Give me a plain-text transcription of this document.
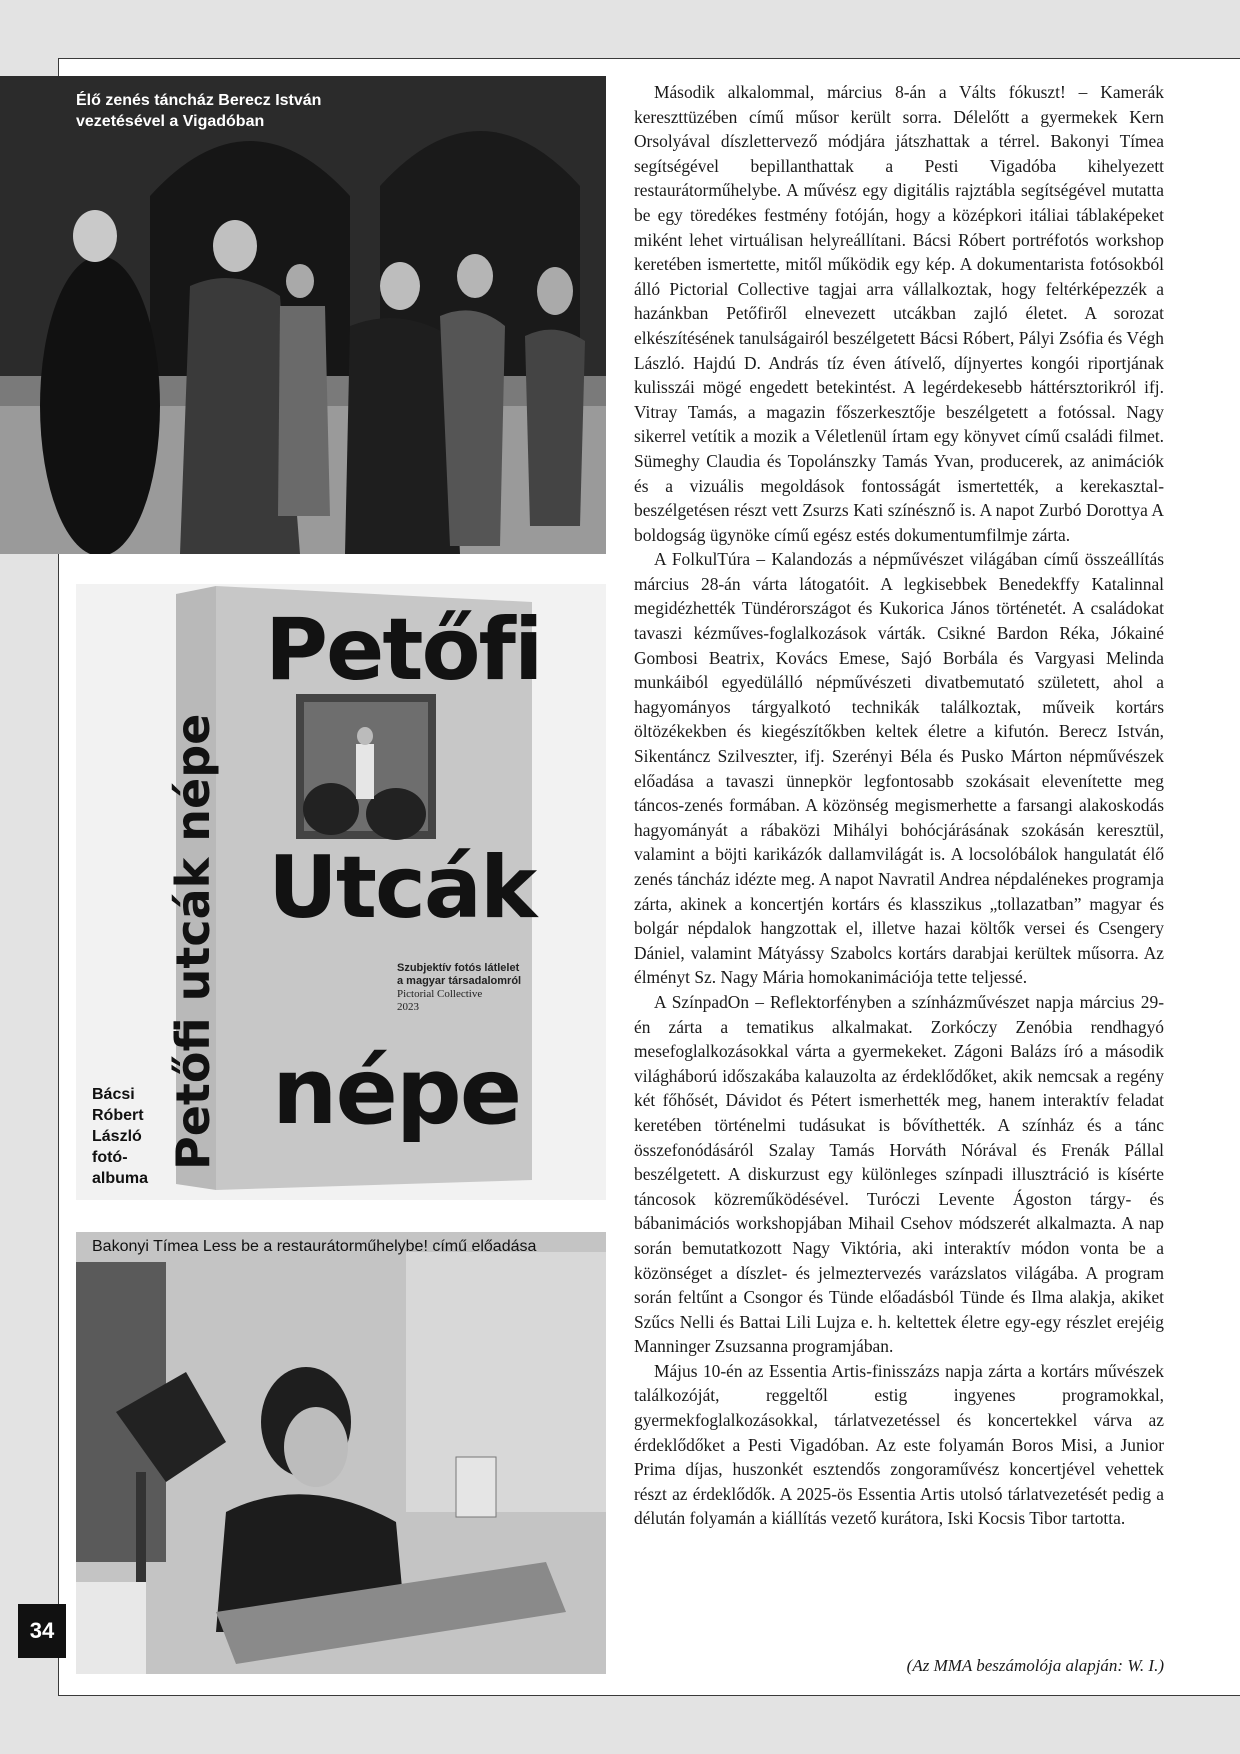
Élő zenés táncház Berecz István vezetésével a Vigadóban
Petőfi
Utcák
népe
Petőfi utcák népe	Szubjektív fotós látlelet
a magyar társadalomról
Pictorial Collective
2023
Bácsi Róbert László fotó-albuma
Bakonyi Tímea Less be a restaurátorműhelybe! című előadása
34

Második alkalommal, március 8-án a Válts fókuszt! – Kamerák kereszttüzében című műsor került sorra. Délelőtt a gyermekek Kern Orsolyával díszlettervező módjára játszhattak a térrel. Bakonyi Tímea segítségével bepillanthattak a Pesti Vigadóba kihelyezett restaurátorműhelybe. A művész egy digitális rajztábla segítségével mutatta be egy töredékes festmény fotóján, hogy a középkori itáliai táblaképeket miként lehet virtuálisan helyreállítani. Bácsi Róbert portréfotós workshop keretében ismertette, mitől működik egy kép. A dokumentarista fotósokból álló Pictorial Collective tagjai arra vállalkoztak, hogy feltérképezzék a hazánkban Petőfiről elnevezett utcákban zajló életet. A sorozat elkészítésének tanulságairól beszélgetett Bácsi Róbert, Pályi Zsófia és Végh László. Hajdú D. András tíz éven átívelő, díjnyertes kongói riportjának kulisszái mögé engedett betekintést. A legérdekesebb háttérsztorikról ifj. Vitray Tamás, a magazin főszerkesztője beszélgetett a fotóssal. Nagy sikerrel vetítik a mozik a Véletlenül írtam egy könyvet című családi filmet. Sümeghy Claudia és Topolánszky Tamás Yvan, producerek, az animációk és a vizuális megoldások fontosságát ismertették, a kerekasztal-beszélgetésen részt vett Zsurzs Kati színésznő is. A napot Zurbó Dorottya A boldogság ügynöke című egész estés dokumentumfilmje zárta.

A FolkulTúra – Kalandozás a népművészet világában című összeállítás március 28-án várta látogatóit. A legkisebbek Benedekffy Katalinnal megidézhették Tündérországot és Kukorica János történetét. A családokat tavaszi kézműves-foglalkozások várták. Csikné Bardon Réka, Jókainé Gombosi Beatrix, Kovács Emese, Sajó Borbála és Vargyasi Melinda munkáiból egyedülálló népművészeti divatbemutató született, ahol a hagyományos tárgyalkotó technikák találkoztak, műveik kortárs öltözékekben és kiegészítőkben keltek életre a kifutón. Berecz István, Sikentáncz Szilveszter, ifj. Szerényi Béla és Pusko Márton népművészek előadása a tavaszi ünnepkör legfontosabb szokásait elevenítette meg táncos-zenés formában. A közönség megismerhette a farsangi alakoskodás hagyományát a rábaközi Mihályi bohócjárásának szokásán keresztül, valamint a böjti karikázók dallamvilágát is. A locsolóbálok hangulatát élő zenés táncház idézte meg. A napot Navratil Andrea népdalénekes programja zárta, akinek a koncertjén kortárs és klasszikus „tollazatban” magyar és bolgár népdalok hangzottak el, illetve hazai költők versei és Csengery Dániel, valamint Mátyássy Szabolcs kortárs darabjai kerültek műsorra. Az élményt Sz. Nagy Mária homokanimációja tette teljessé.

A SzínpadOn – Reflektorfényben a színházművészet napja március 29-én zárta a tematikus alkalmakat. Zorkóczy Zenóbia rendhagyó mesefoglalkozásokkal várta a gyermekeket. Zágoni Balázs író a második világháború időszakába kalauzolta az érdeklődőket, akik nemcsak a regény két főhősét, Dávidot és Pétert ismerhették meg, hanem interaktív feladat keretében történelmi tudásukat is bővíthették. A színház és a tánc összefonódásáról Szalay Tamás Horváth Nórával és Frenák Pállal beszélgetett. A diskurzust egy különleges színpadi illusztráció is kísérte táncosok közreműködésével. Turóczi Levente Ágoston tárgy- és bábanimációs workshopjában Mihail Csehov módszerét alkalmazta. A nap során bemutatkozott Nagy Viktória, aki interaktív módon vonta be a közönséget a díszlet- és jelmeztervezés varázslatos világába. A program során feltűnt a Csongor és Tünde előadásból Tünde és Ilma alakja, akiket Szűcs Nelli és Battai Lili Lujza e. h. keltettek életre egy-egy részlet erejéig Manninger Zsuzsanna programjában.

Május 10-én az Essentia Artis-finisszázs napja zárta a kortárs művészek találkozóját, reggeltől estig ingyenes programokkal, gyermekfoglalkozásokkal, tárlatvezetéssel és koncertekkel várva az érdeklődőket a Pesti Vigadóban. Az este folyamán Boros Misi, a Junior Prima díjas, huszonkét esztendős zongoraművész koncertjével vehettek részt az érdeklődők. A 2025-ös Essentia Artis utolsó tárlatvezetését pedig a délután folyamán a kiállítás vezető kurátora, Iski Kocsis Tibor tartotta.

(Az MMA beszámolója alapján: W. I.)
